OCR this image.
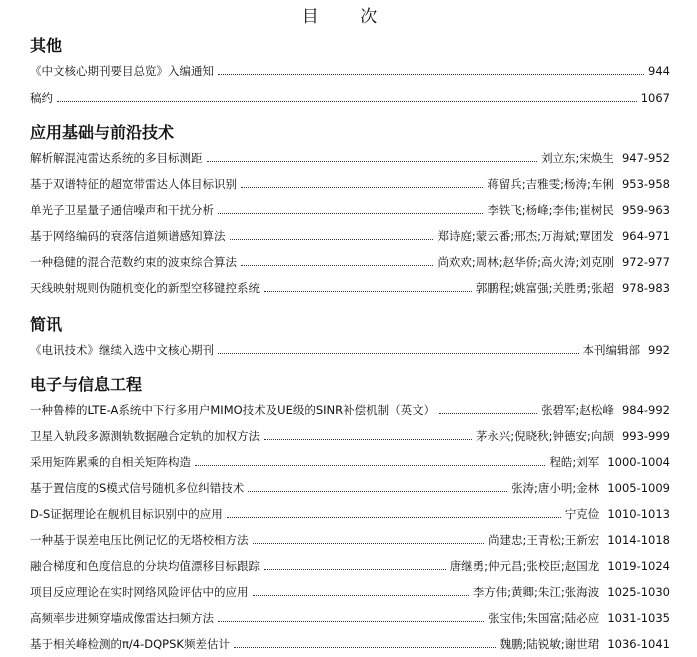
目 次
其他
《中文核心期刊要目总览》入编通知	944
稿约	1067
应用基础与前沿技术
解析解混沌雷达系统的多目标测距	刘立东;宋焕生 947-952
基于双谱特征的超宽带雷达人体目标识别	蒋留兵;吉雅雯;杨涛;车俐 953-958
单光子卫星量子通信噪声和干扰分析	李铁飞;杨峰;李伟;崔树民 959-963
基于网络编码的衰落信道频谱感知算法	郑诗庭;蒙云番;邢杰;万海斌;覃团发 964-971
一种稳健的混合范数约束的波束综合算法	尚欢欢;周林;赵华侨;高火涛;刘克刚 972-977
天线映射规则伪随机变化的新型空移键控系统	郭鹏程;姚富强;关胜勇;张超 978-983
简讯
《电讯技术》继续入选中文核心期刊	本刊编辑部 992
电子与信息工程
一种鲁棒的LTE-A系统中下行多用户MIMO技术及UE级的SINR补偿机制（英文）	张碧军;赵松峰 984-992
卫星入轨段多源测轨数据融合定轨的加权方法	茅永兴;倪晓秋;钟德安;向颉 993-999
采用矩阵累乘的自相关矩阵构造	程皓;刘军 1000-1004
基于置信度的S模式信号随机多位纠错技术	张涛;唐小明;金林 1005-1009
D-S证据理论在舰机目标识别中的应用	宁克俭 1010-1013
一种基于误差电压比例记忆的无塔校相方法	尚建忠;王青松;王新宏 1014-1018
融合梯度和色度信息的分块均值漂移目标跟踪	唐继勇;仲元昌;张校臣;赵国龙 1019-1024
项目反应理论在实时网络风险评估中的应用	李方伟;黄卿;朱江;张海波 1025-1030
高频率步进频穿墙成像雷达扫频方法	张宝伟;朱国富;陆必应 1031-1035
基于相关峰检测的π/4-DQPSK频差估计	魏鹏;陆锐敏;谢世珺 1036-1041
